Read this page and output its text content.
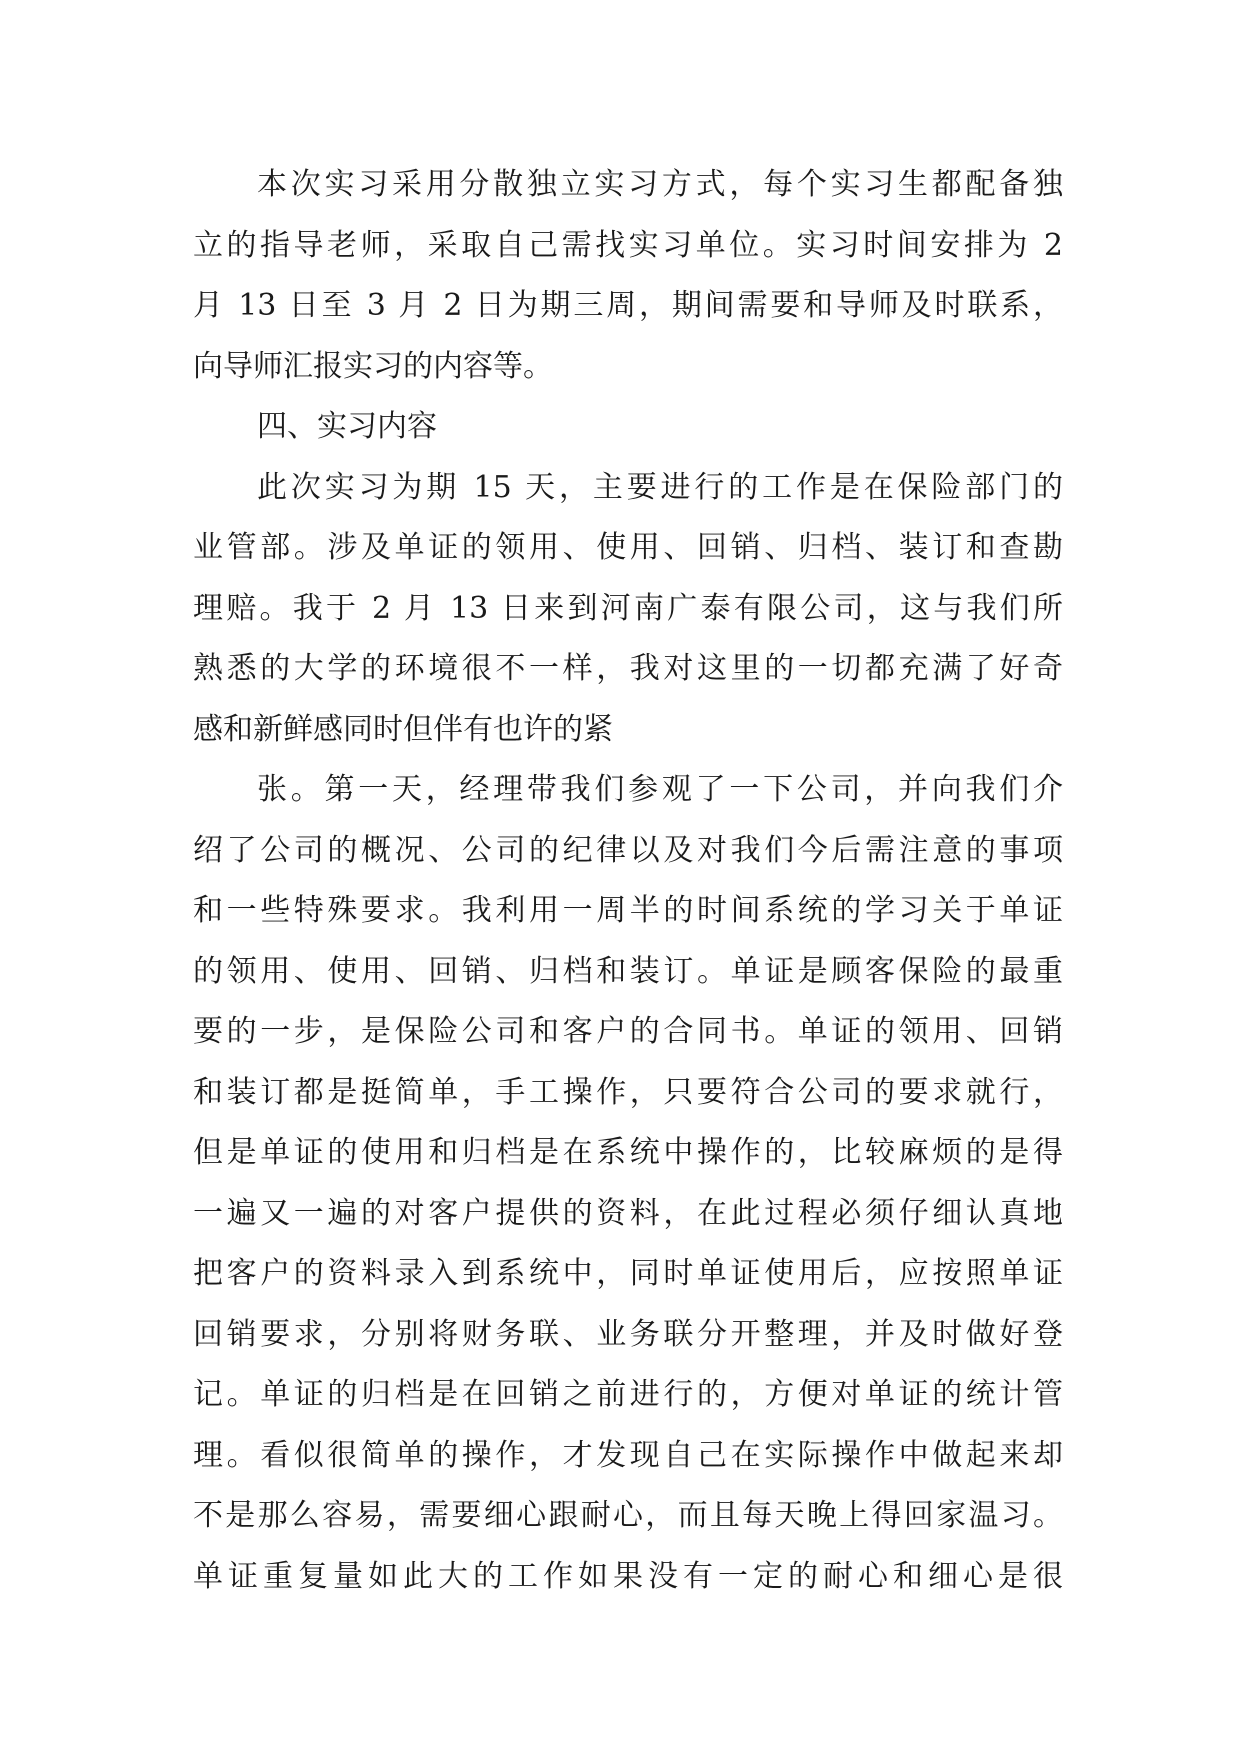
本次实习采用分散独立实习方式，每个实习生都配备独
立的指导老师，采取自己需找实习单位。实习时间安排为 2
月 13 日至 3 月 2 日为期三周，期间需要和导师及时联系，
向导师汇报实习的内容等。
四、实习内容
此次实习为期 15 天，主要进行的工作是在保险部门的
业管部。涉及单证的领用、使用、回销、归档、装订和查勘
理赔。我于 2 月 13 日来到河南广泰有限公司，这与我们所
熟悉的大学的环境很不一样，我对这里的一切都充满了好奇
感和新鲜感同时但伴有也许的紧
张。第一天，经理带我们参观了一下公司，并向我们介
绍了公司的概况、公司的纪律以及对我们今后需注意的事项
和一些特殊要求。我利用一周半的时间系统的学习关于单证
的领用、使用、回销、归档和装订。单证是顾客保险的最重
要的一步，是保险公司和客户的合同书。单证的领用、回销
和装订都是挺简单，手工操作，只要符合公司的要求就行，
但是单证的使用和归档是在系统中操作的，比较麻烦的是得
一遍又一遍的对客户提供的资料，在此过程必须仔细认真地
把客户的资料录入到系统中，同时单证使用后，应按照单证
回销要求，分别将财务联、业务联分开整理，并及时做好登
记。单证的归档是在回销之前进行的，方便对单证的统计管
理。看似很简单的操作，才发现自己在实际操作中做起来却
不是那么容易，需要细心跟耐心，而且每天晚上得回家温习。
单证重复量如此大的工作如果没有一定的耐心和细心是很
